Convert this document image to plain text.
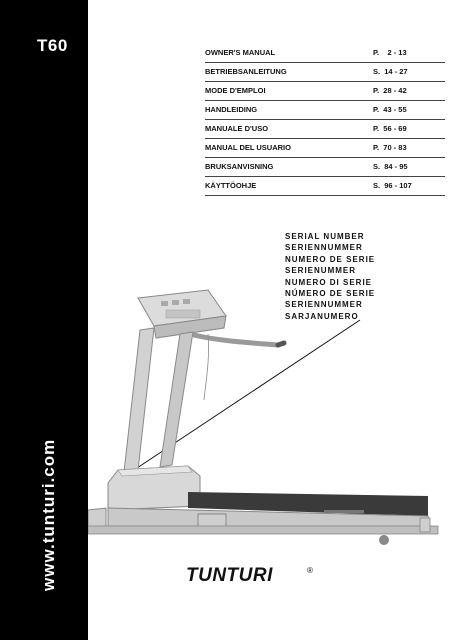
T60
www.tunturi.com
OWNER'S MANUAL	P.    2 - 13
BETRIEBSANLEITUNG	S.  14 - 27
MODE D'EMPLOI	P.  28 - 42
HANDLEIDING	P.  43 - 55
MANUALE D'USO	P.  56 - 69
MANUAL DEL USUARIO	P.  70 - 83
BRUKSANVISNING	S.  84 - 95
KÄYTTÖOHJE	S.  96 - 107
SERIAL NUMBER
SERIENNUMMER
NUMERO DE SERIE
SERIENUMMER
NUMERO DI SERIE
NÚMERO DE SERIE
SERIENNUMMER
SARJANUMERO
TUNTURI	®
